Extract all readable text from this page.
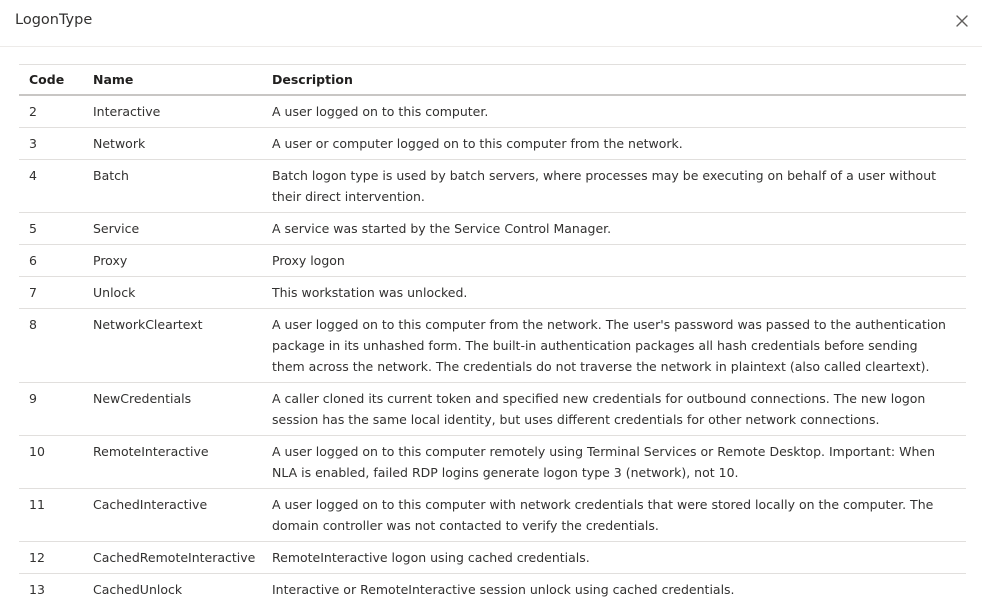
LogonType
Code	Name	Description
2	Interactive	A user logged on to this computer.
3	Network	A user or computer logged on to this computer from the network.
4	Batch	Batch logon type is used by batch servers, where processes may be executing on behalf of a user without their direct intervention.
5	Service	A service was started by the Service Control Manager.
6	Proxy	Proxy logon
7	Unlock	This workstation was unlocked.
8	NetworkCleartext	A user logged on to this computer from the network. The user's password was passed to the authentication package in its unhashed form. The built-in authentication packages all hash credentials before sending them across the network. The credentials do not traverse the network in plaintext (also called cleartext).
9	NewCredentials	A caller cloned its current token and specified new credentials for outbound connections. The new logon session has the same local identity, but uses different credentials for other network connections.
10	RemoteInteractive	A user logged on to this computer remotely using Terminal Services or Remote Desktop. Important: When NLA is enabled, failed RDP logins generate logon type 3 (network), not 10.
11	CachedInteractive	A user logged on to this computer with network credentials that were stored locally on the computer. The domain controller was not contacted to verify the credentials.
12	CachedRemoteInteractive	RemoteInteractive logon using cached credentials.
13	CachedUnlock	Interactive or RemoteInteractive session unlock using cached credentials.
